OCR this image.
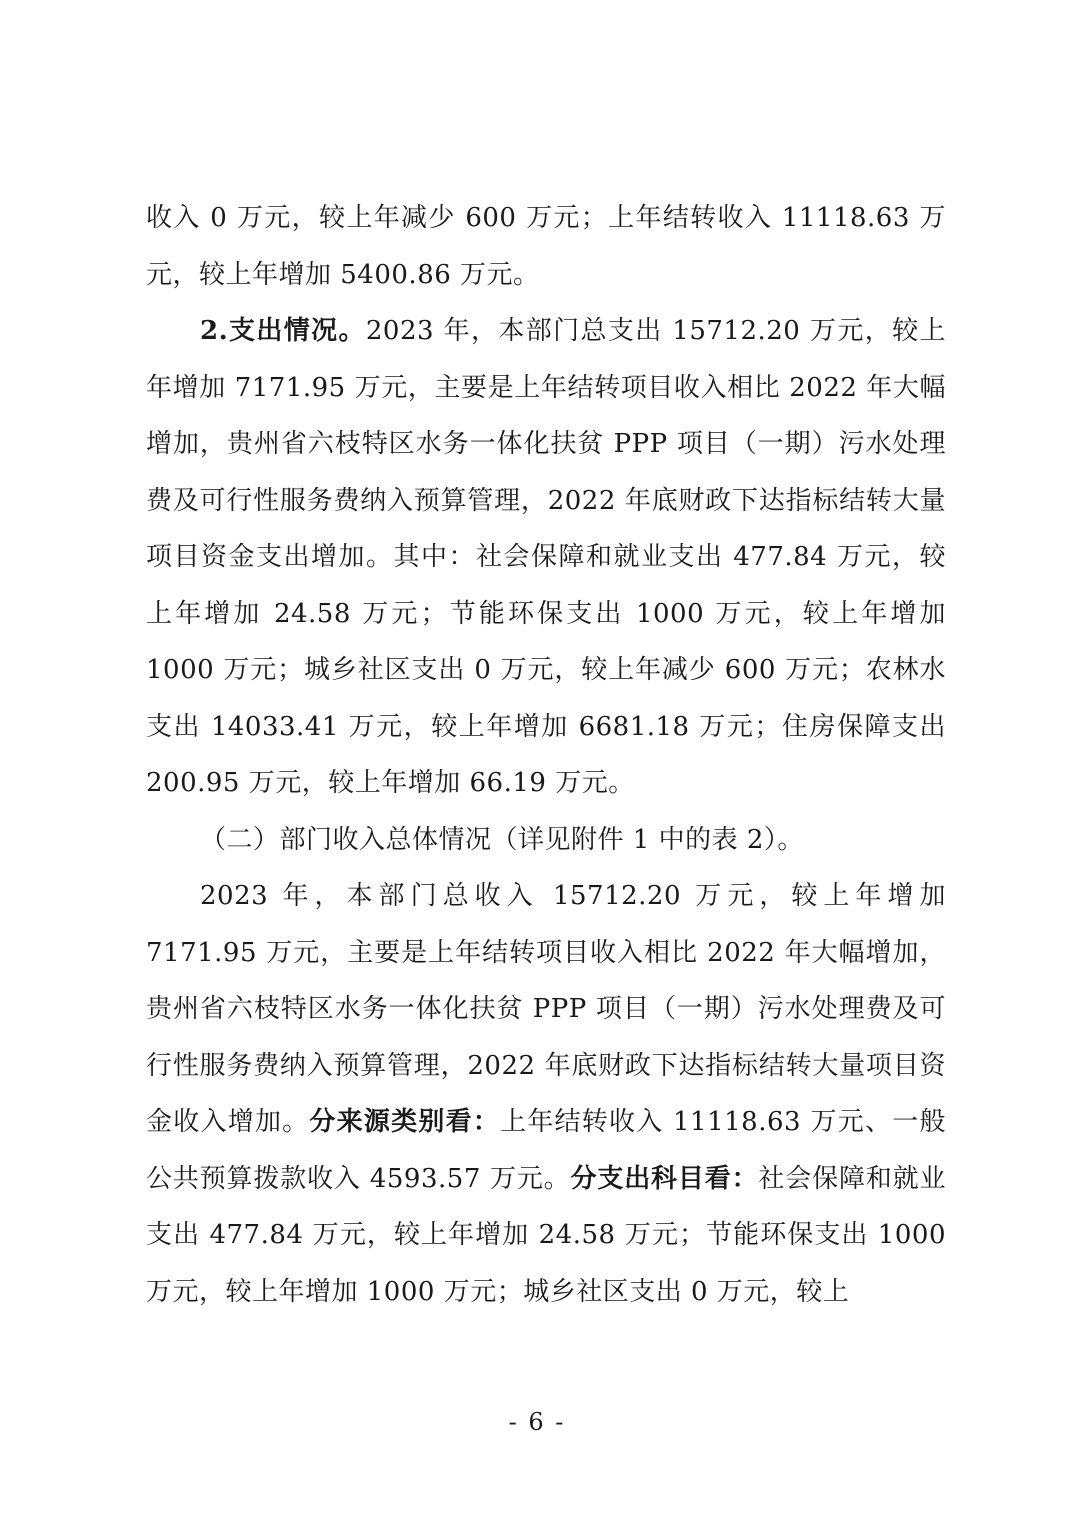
收入 0 万元，较上年减少 600 万元；上年结转收入 11118.63 万元，较上年增加 5400.86 万元。

2.支出情况。2023 年，本部门总支出 15712.20 万元，较上年增加 7171.95 万元，主要是上年结转项目收入相比 2022 年大幅增加，贵州省六枝特区水务一体化扶贫 PPP 项目（一期）污水处理费及可行性服务费纳入预算管理，2022 年底财政下达指标结转大量项目资金支出增加。其中：社会保障和就业支出 477.84 万元，较上年增加 24.58 万元；节能环保支出 1000 万元，较上年增加 1000 万元；城乡社区支出 0 万元，较上年减少 600 万元；农林水支出 14033.41 万元，较上年增加 6681.18 万元；住房保障支出 200.95 万元，较上年增加 66.19 万元。

（二）部门收入总体情况（详见附件 1 中的表 2）。

2023 年，本部门总收入 15712.20 万元，较上年增加 7171.95 万元，主要是上年结转项目收入相比 2022 年大幅增加，贵州省六枝特区水务一体化扶贫 PPP 项目（一期）污水处理费及可行性服务费纳入预算管理，2022 年底财政下达指标结转大量项目资金收入增加。分来源类别看：上年结转收入 11118.63 万元、一般公共预算拨款收入 4593.57 万元。分支出科目看：社会保障和就业支出 477.84 万元，较上年增加 24.58 万元；节能环保支出 1000 万元，较上年增加 1000 万元；城乡社区支出 0 万元，较上

- 6 -
